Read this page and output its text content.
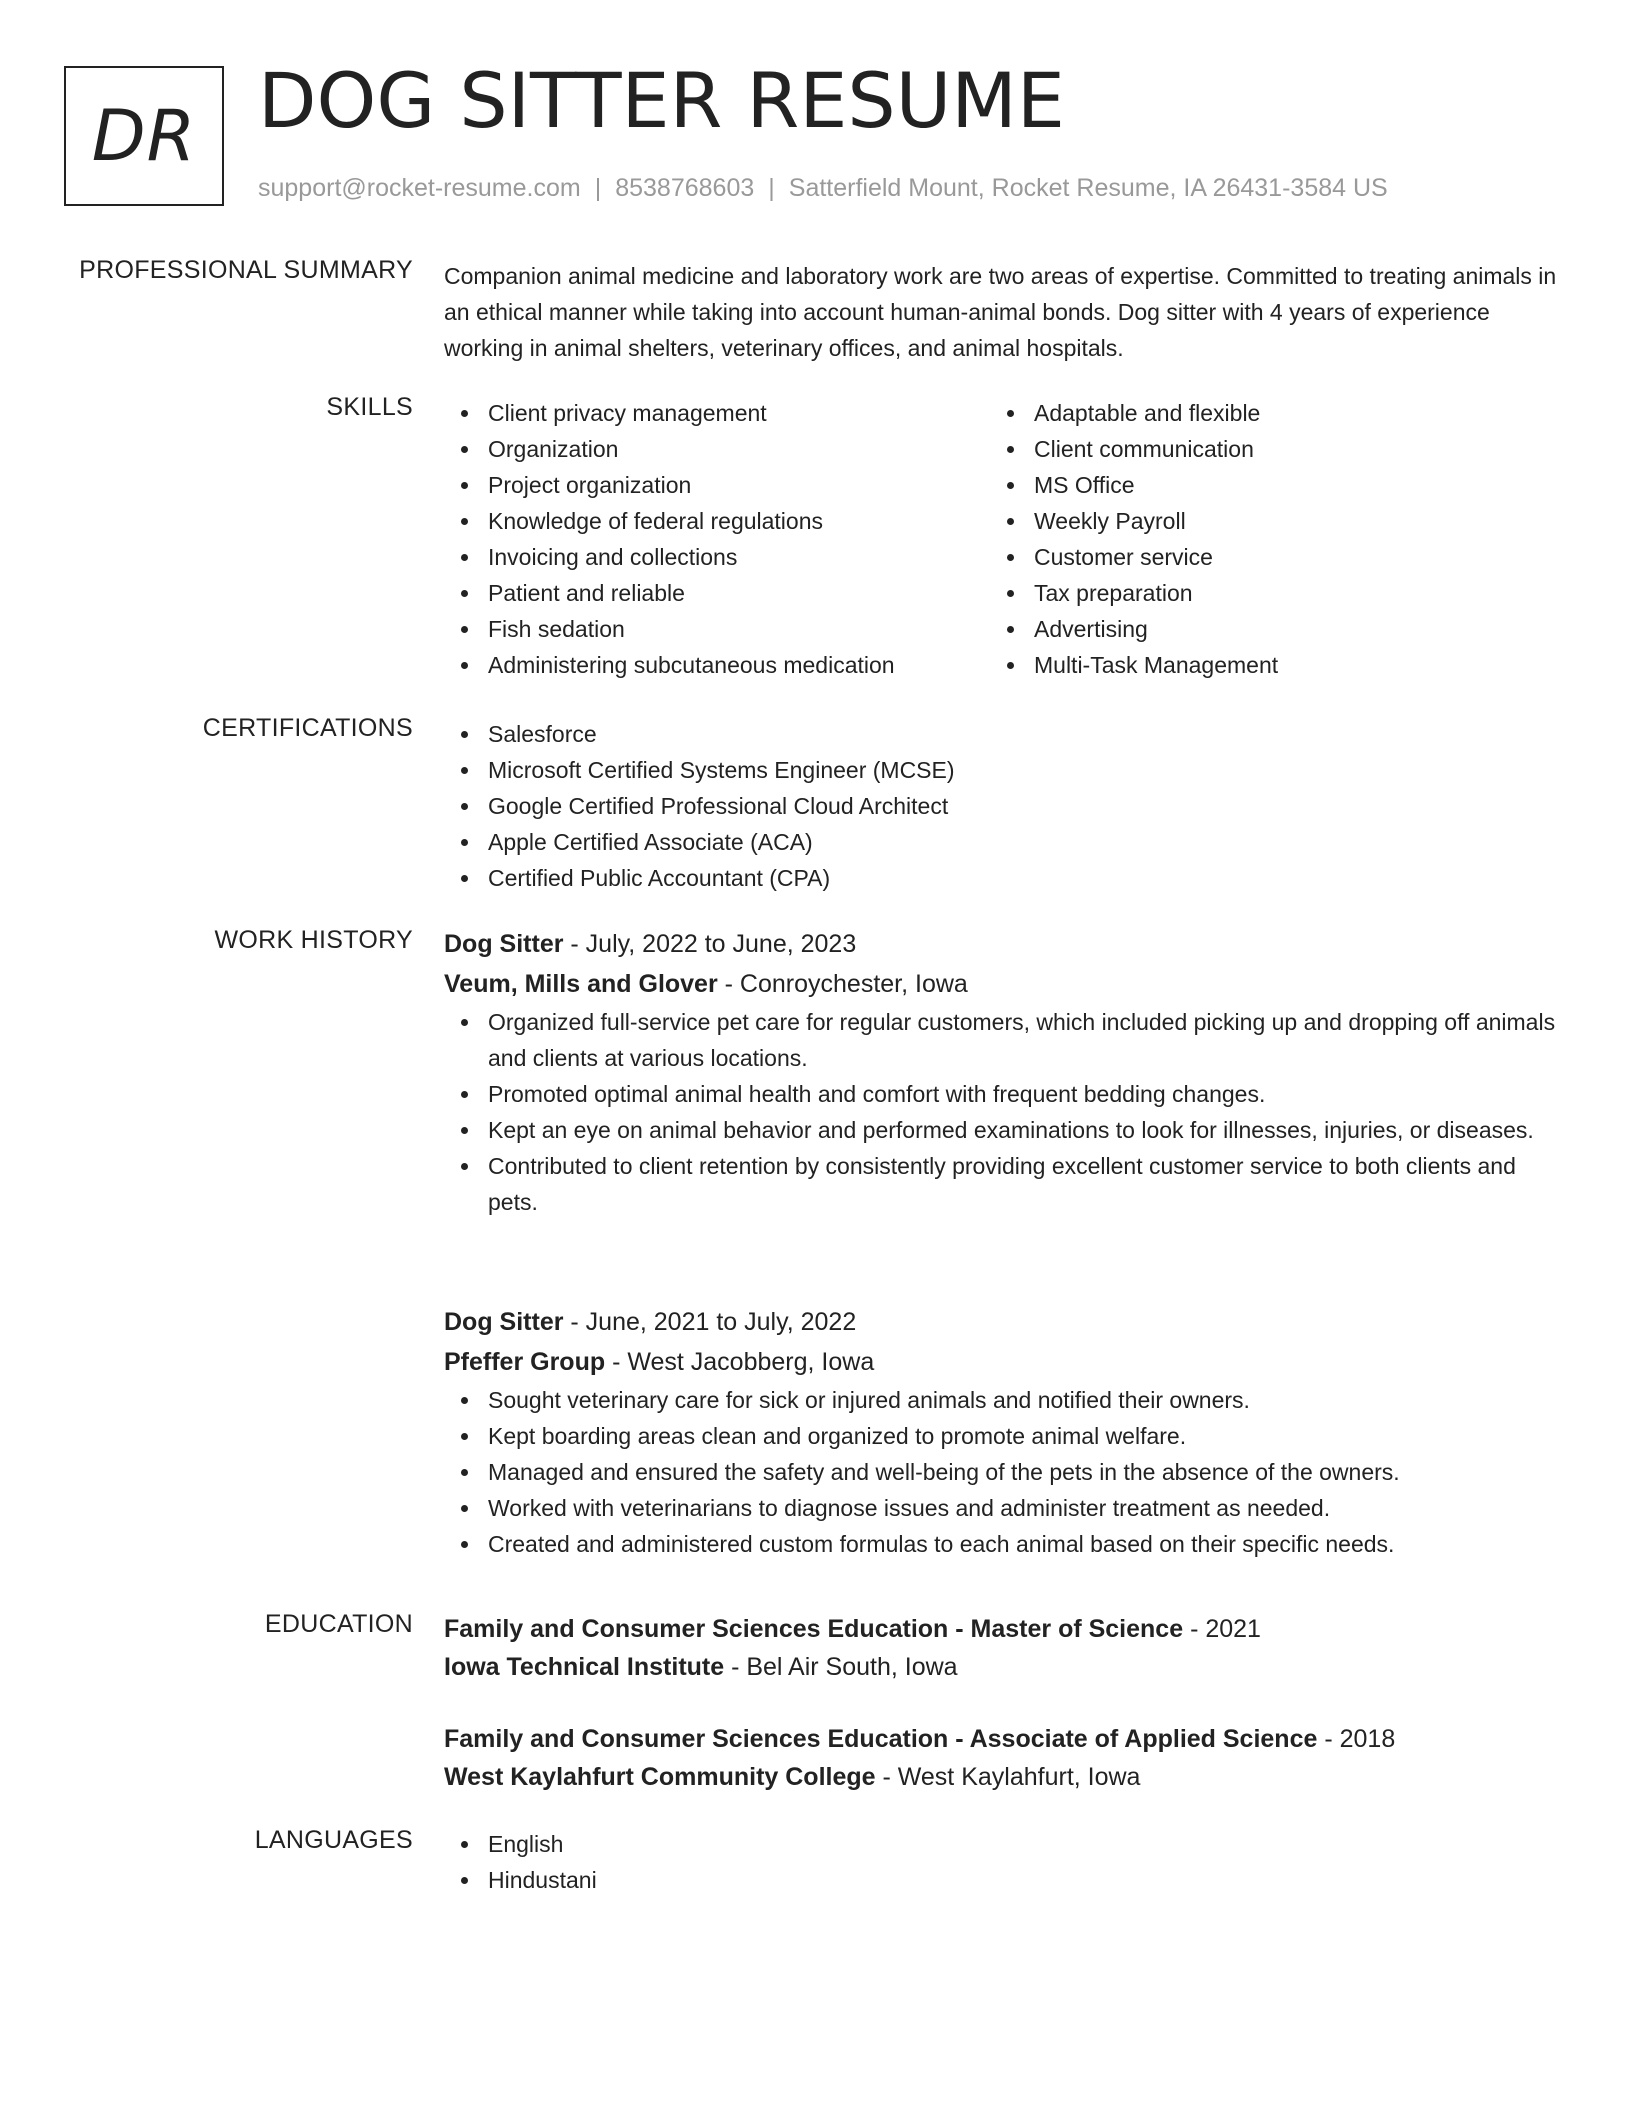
DR DOG SITTER RESUME
support@rocket-resume.com | 8538768603 | Satterfield Mount, Rocket Resume, IA 26431-3584 US
PROFESSIONAL SUMMARY Companion animal medicine and laboratory work are two areas of expertise. Committed to treating animals in an ethical manner while taking into account human-animal bonds. Dog sitter with 4 years of experience working in animal shelters, veterinary offices, and animal hospitals.
SKILLS	Client privacy management
Organization
Project organization
Knowledge of federal regulations
Invoicing and collections
Patient and reliable
Fish sedation
Administering subcutaneous medication
Adaptable and flexible
Client communication
MS Office
Weekly Payroll
Customer service
Tax preparation
Advertising
Multi-Task Management
CERTIFICATIONS	Salesforce
Microsoft Certified Systems Engineer (MCSE)
Google Certified Professional Cloud Architect
Apple Certified Associate (ACA)
Certified Public Accountant (CPA)
WORK HISTORY Dog Sitter - July, 2022 to June, 2023
Veum, Mills and Glover - Conroychester, Iowa
Organized full-service pet care for regular customers, which included picking up and dropping off animals and clients at various locations.
Promoted optimal animal health and comfort with frequent bedding changes.
Kept an eye on animal behavior and performed examinations to look for illnesses, injuries, or diseases.
Contributed to client retention by consistently providing excellent customer service to both clients and pets.
Dog Sitter - June, 2021 to July, 2022
Pfeffer Group - West Jacobberg, Iowa
Sought veterinary care for sick or injured animals and notified their owners.
Kept boarding areas clean and organized to promote animal welfare.
Managed and ensured the safety and well-being of the pets in the absence of the owners.
Worked with veterinarians to diagnose issues and administer treatment as needed.
Created and administered custom formulas to each animal based on their specific needs.
EDUCATION Family and Consumer Sciences Education - Master of Science - 2021
Iowa Technical Institute - Bel Air South, Iowa
Family and Consumer Sciences Education - Associate of Applied Science - 2018
West Kaylahfurt Community College - West Kaylahfurt, Iowa
LANGUAGES	English
Hindustani
